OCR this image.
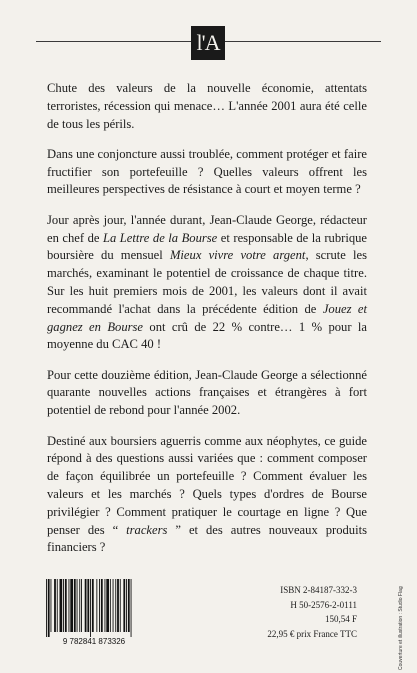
l'A

Chute des valeurs de la nouvelle économie, attentats terroristes, récession qui menace… L'année 2001 aura été celle de tous les périls.

Dans une conjoncture aussi troublée, comment protéger et faire fructifier son portefeuille ? Quelles valeurs offrent les meilleures perspectives de résistance à court et moyen terme ?

Jour après jour, l'année durant, Jean-Claude George, rédacteur en chef de La Lettre de la Bourse et responsable de la rubrique boursière du mensuel Mieux vivre votre argent, scrute les marchés, examinant le potentiel de croissance de chaque titre. Sur les huit premiers mois de 2001, les valeurs dont il avait recommandé l'achat dans la précédente édition de Jouez et gagnez en Bourse ont crû de 22 % contre… 1 % pour la moyenne du CAC 40 !

Pour cette douzième édition, Jean-Claude George a sélectionné quarante nouvelles actions françaises et étrangères à fort potentiel de rebond pour l'année 2002.

Destiné aux boursiers aguerris comme aux néophytes, ce guide répond à des questions aussi variées que : comment composer de façon équilibrée un portefeuille ? Comment évaluer les valeurs et les marchés ? Quels types d'ordres de Bourse privilégier ? Comment pratiquer le courtage en ligne ? Que penser des “ trackers ” et des autres nouveaux produits financiers ?

Couverture et illustration : Studio Flag
9 782841 873326
ISBN 2-84187-332-3
H 50-2576-2-0111
150,54 F
22,95 € prix France TTC
